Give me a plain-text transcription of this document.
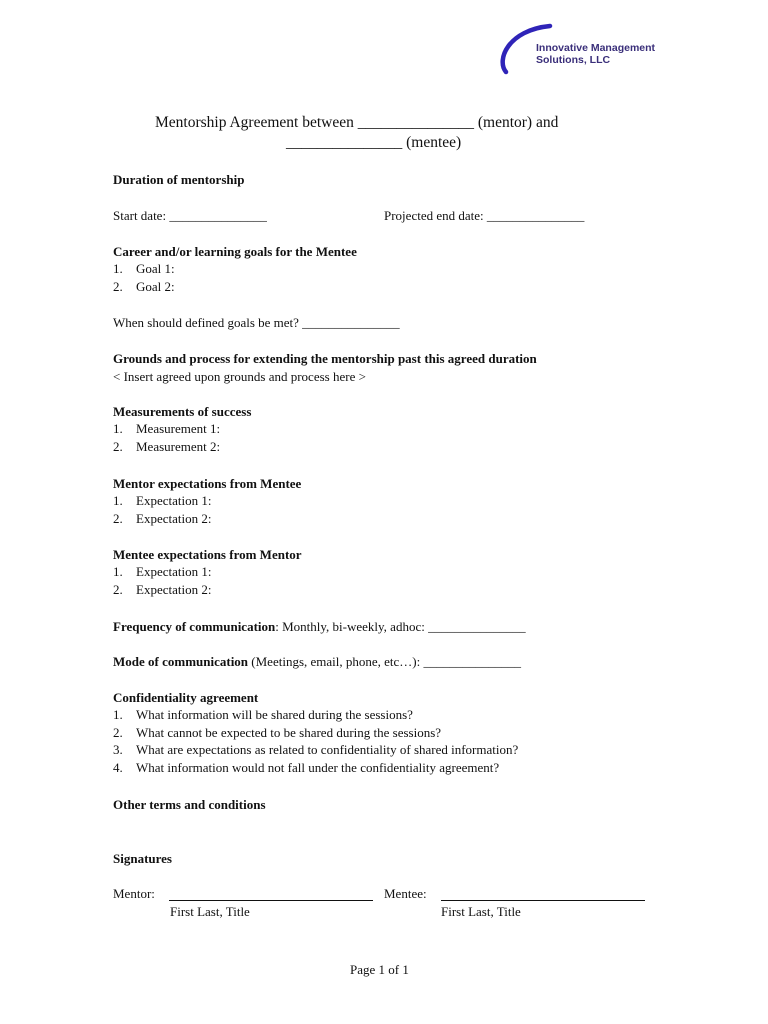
Innovative Management
Solutions, LLC
Mentorship Agreement between _______________ (mentor) and
_______________ (mentee)
Duration of mentorship
Start date: _______________	Projected end date: _______________
Career and/or learning goals for the Mentee
1.	Goal 1:
2.	Goal 2:
When should defined goals be met? _______________
Grounds and process for extending the mentorship past this agreed duration
< Insert agreed upon grounds and process here >
Measurements of success
1.	Measurement 1:
2.	Measurement 2:
Mentor expectations from Mentee
1.	Expectation 1:
2.	Expectation 2:
Mentee expectations from Mentor
1.	Expectation 1:
2.	Expectation 2:
Frequency of communication: Monthly, bi-weekly, adhoc: _______________
Mode of communication (Meetings, email, phone, etc…): _______________
Confidentiality agreement
1.	What information will be shared during the sessions?
2.	What cannot be expected to be shared during the sessions?
3.	What are expectations as related to confidentiality of shared information?
4.	What information would not fall under the confidentiality agreement?
Other terms and conditions
Signatures
Mentor:	Mentee:
First Last, Title	First Last, Title
Page 1 of 1
